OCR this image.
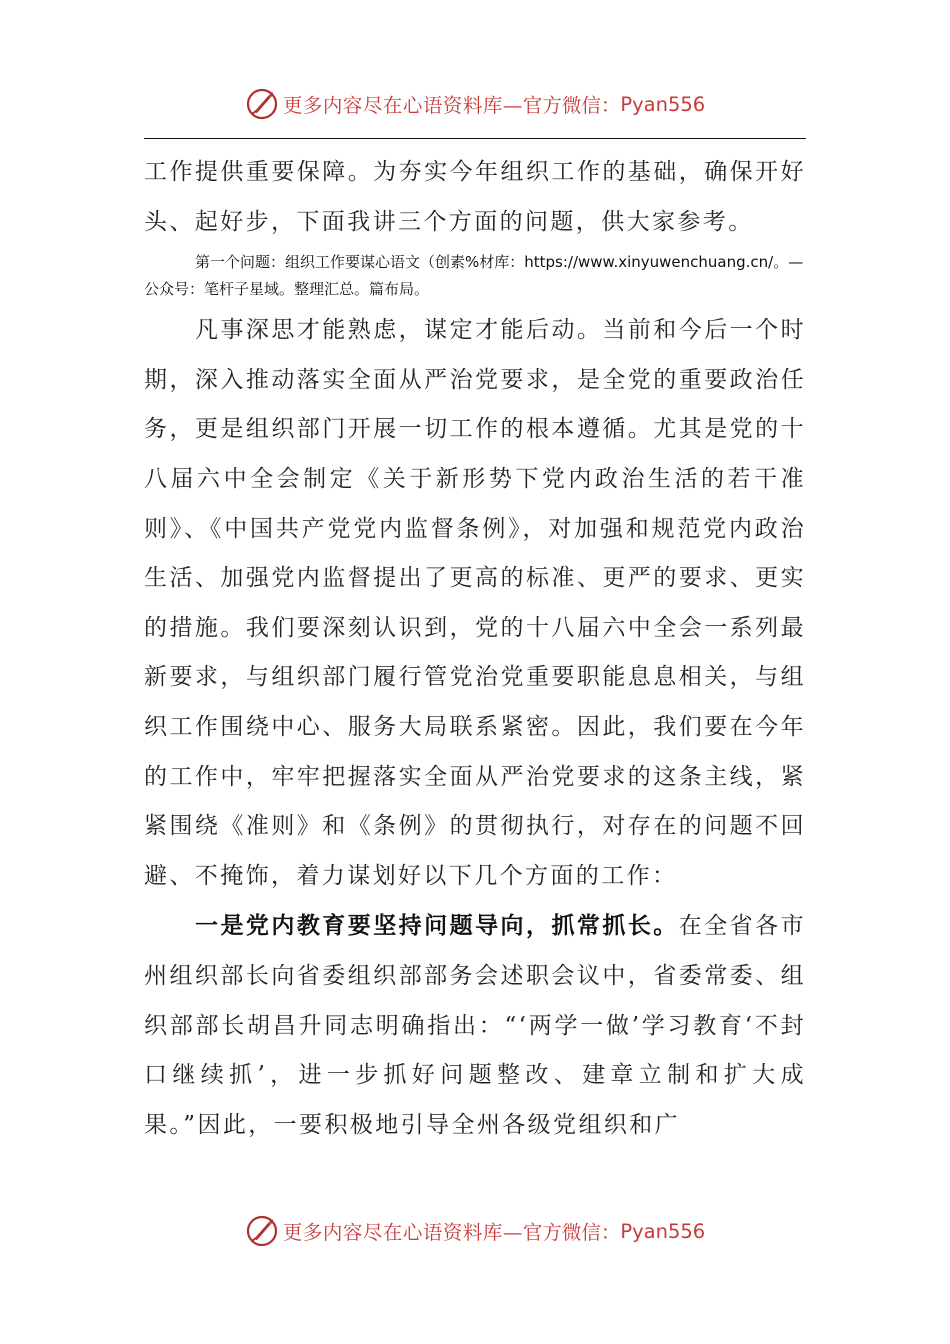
更多内容尽在心语资料库— 官方微信： Pyan556

工作提供重要保障。为夯实今年组织工作的基础，确保开好头、起好步，下面我讲三个方面的问题，供大家参考。

第一个问题：组织工作要谋心语文（创素%材库：https://www.xinyuwenchuang.cn/。—公众号：笔杆子星域。整理汇总。篇布局。

凡事深思才能熟虑，谋定才能后动。当前和今后一个时期，深入推动落实全面从严治党要求，是全党的重要政治任务，更是组织部门开展一切工作的根本遵循。尤其是党的十八届六中全会制定《关于新形势下党内政治生活的若干准则》、《中国共产党党内监督条例》，对加强和规范党内政治生活、加强党内监督提出了更高的标准、更严的要求、更实的措施。我们要深刻认识到，党的十八届六中全会一系列最新要求，与组织部门履行管党治党重要职能息息相关，与组织工作围绕中心、服务大局联系紧密。因此，我们要在今年的工作中，牢牢把握落实全面从严治党要求的这条主线，紧紧围绕《准则》和《条例》的贯彻执行，对存在的问题不回避、不掩饰，着力谋划好以下几个方面的工作：

一是党内教育要坚持问题导向，抓常抓长。在全省各市州组织部长向省委组织部部务会述职会议中，省委常委、组织部部长胡昌升同志明确指出：“‘两学一做’学习教育‘不封口继续抓’，进一步抓好问题整改、建章立制和扩大成果。”因此，一要积极地引导全州各级党组织和广

更多内容尽在心语资料库— 官方微信： Pyan556
